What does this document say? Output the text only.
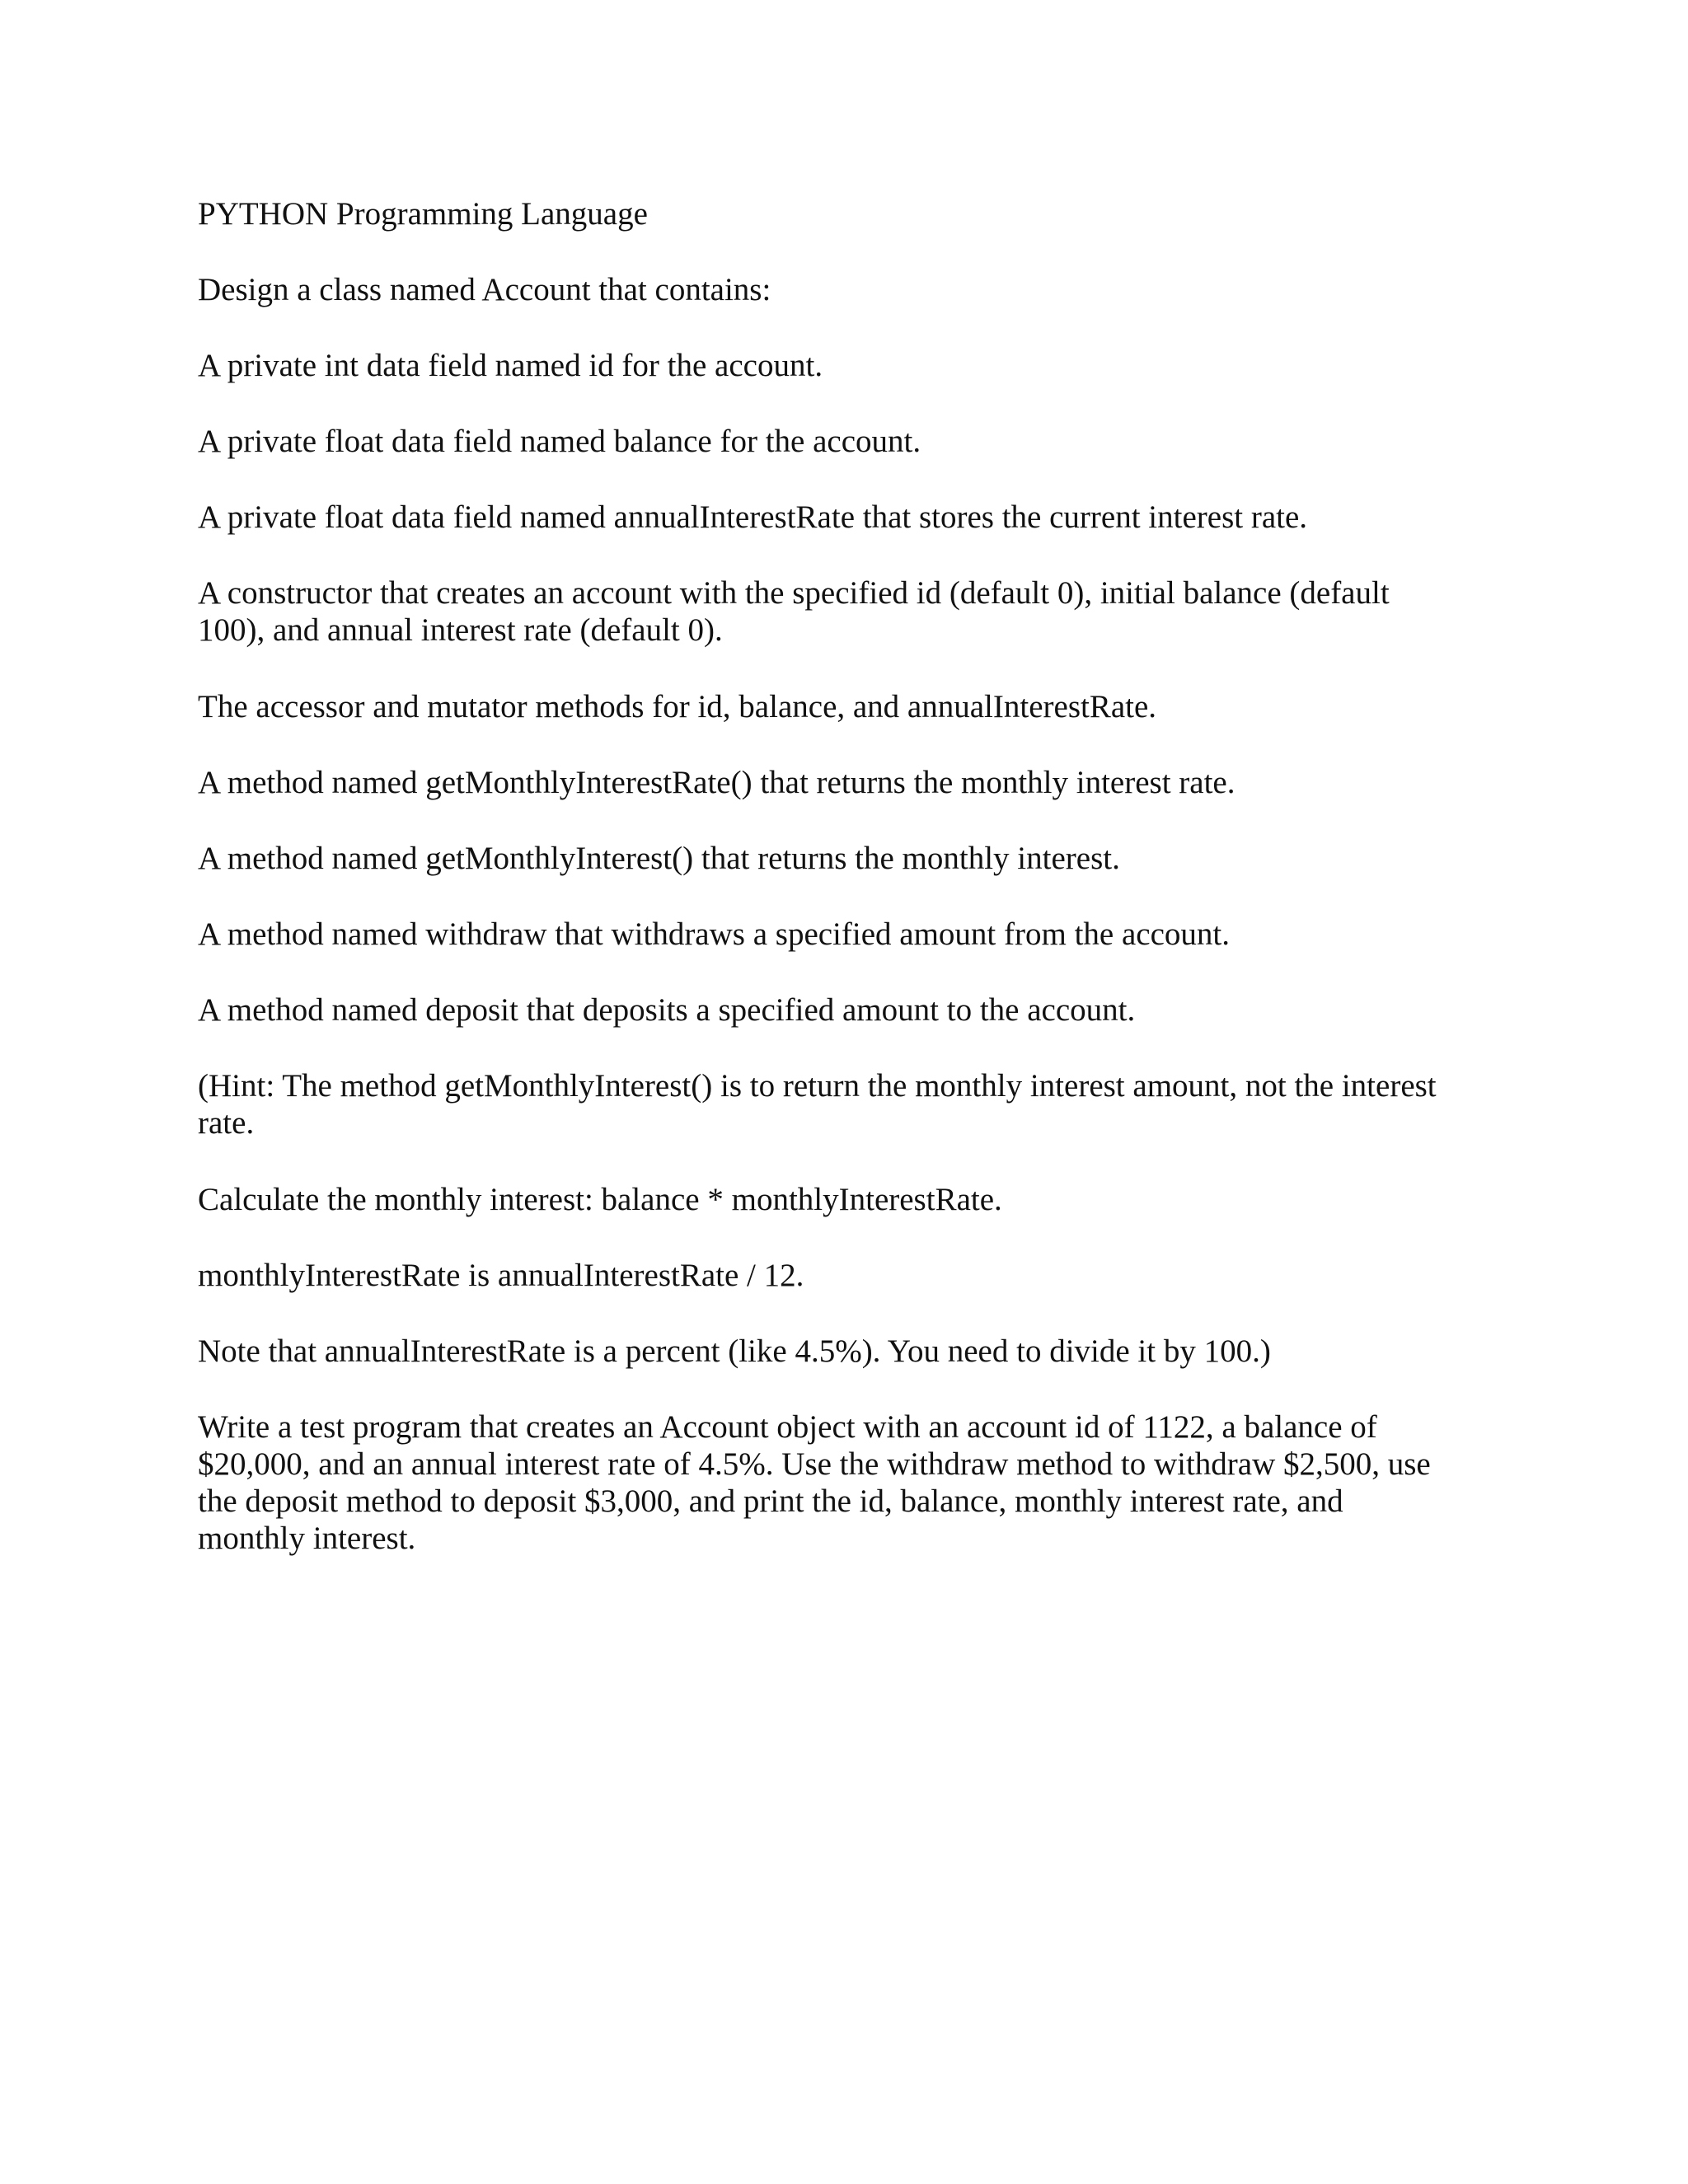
PYTHON Programming Language

Design a class named Account that contains:

A private int data field named id for the account.

A private float data field named balance for the account.

A private float data field named annualInterestRate that stores the current interest rate.

A constructor that creates an account with the specified id (default 0), initial balance (default
100), and annual interest rate (default 0).

The accessor and mutator methods for id, balance, and annualInterestRate.

A method named getMonthlyInterestRate() that returns the monthly interest rate.

A method named getMonthlyInterest() that returns the monthly interest.

A method named withdraw that withdraws a specified amount from the account.

A method named deposit that deposits a specified amount to the account.

(Hint: The method getMonthlyInterest() is to return the monthly interest amount, not the interest
rate.

Calculate the monthly interest: balance * monthlyInterestRate.

monthlyInterestRate is annualInterestRate / 12.

Note that annualInterestRate is a percent (like 4.5%). You need to divide it by 100.)

Write a test program that creates an Account object with an account id of 1122, a balance of
$20,000, and an annual interest rate of 4.5%. Use the withdraw method to withdraw $2,500, use
the deposit method to deposit $3,000, and print the id, balance, monthly interest rate, and
monthly interest.
